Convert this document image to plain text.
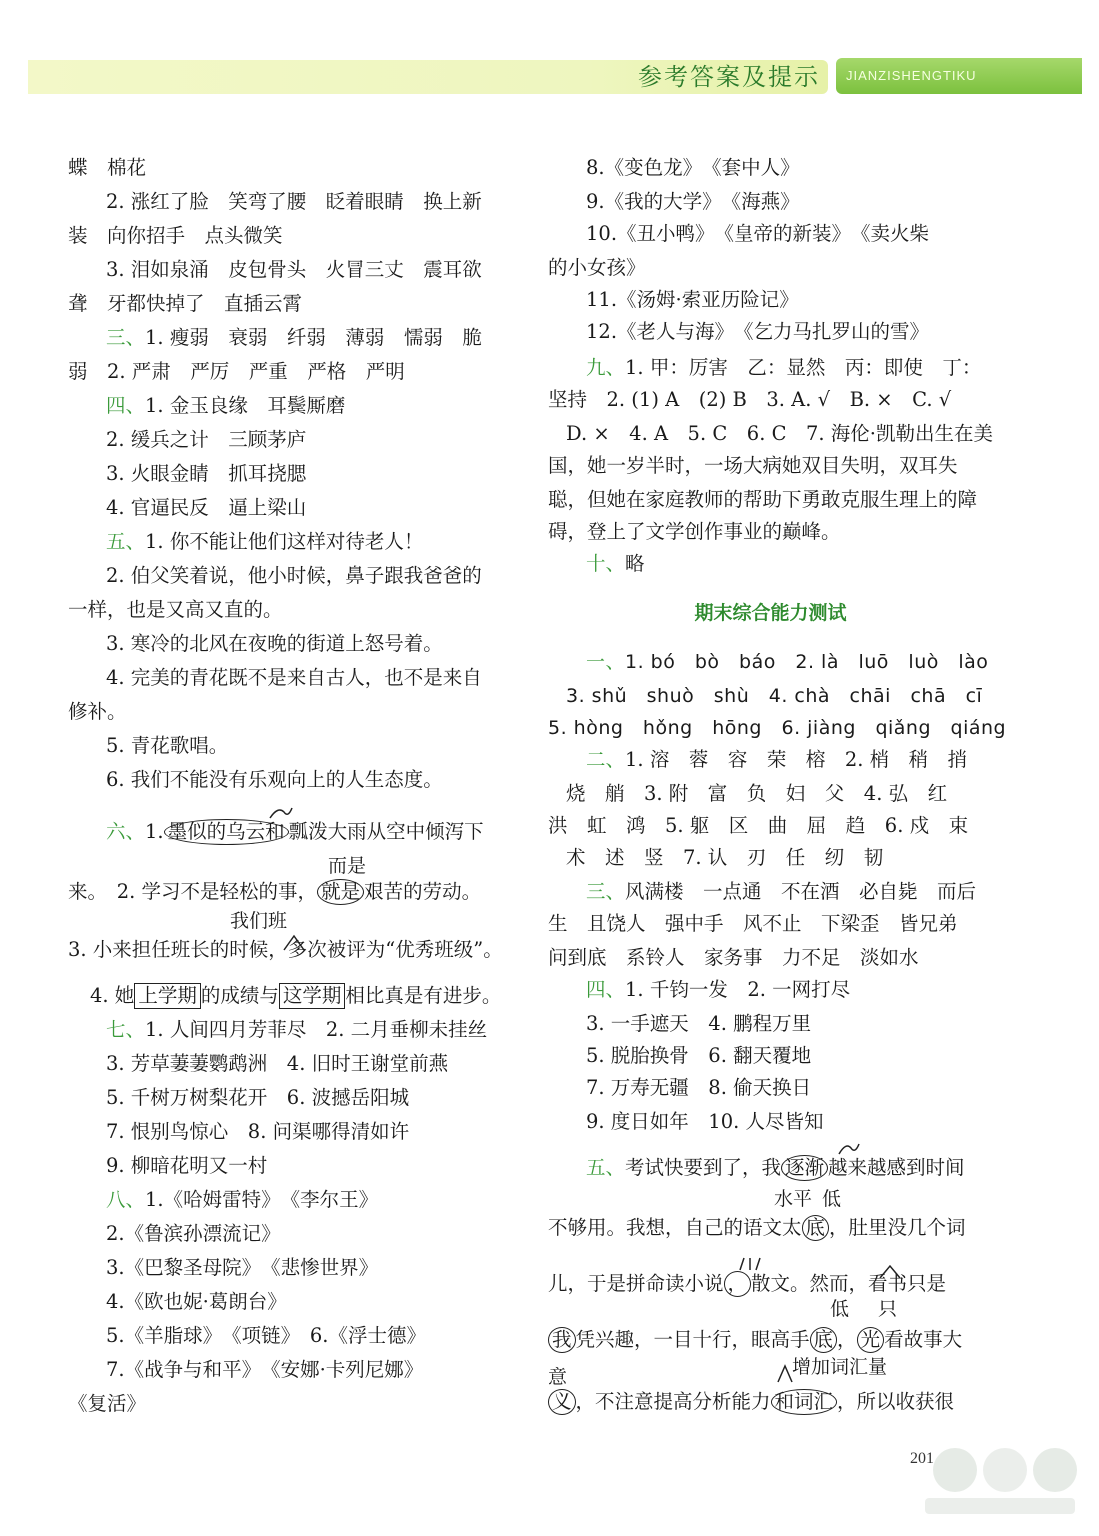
参考答案及提示 JIANZISHENGTIKU
蝶　棉花
2. 涨红了脸　笑弯了腰　眨着眼睛　换上新
装　向你招手　点头微笑
3. 泪如泉涌　皮包骨头　火冒三丈　震耳欲
聋　牙都快掉了　直插云霄
三、1. 瘦弱　衰弱　纤弱　薄弱　懦弱　脆
弱　2. 严肃　严厉　严重　严格　严明
四、1. 金玉良缘　耳鬓厮磨
2. 缓兵之计　三顾茅庐
3. 火眼金睛　抓耳挠腮
4. 官逼民反　逼上梁山
五、1. 你不能让他们这样对待老人！
2. 伯父笑着说，他小时候，鼻子跟我爸爸的
一样，也是又高又直的。
3. 寒冷的北风在夜晚的街道上怒号着。
4. 完美的青花既不是来自古人，也不是来自
修补。
5. 青花歌唱。
6. 我们不能没有乐观向上的人生态度。
六、1. 墨似的乌云和 瓢泼大雨从空中倾泻下
而是
来。　2. 学习不是轻松的事， 就是 艰苦的劳动。
我们班
3. 小来担任班长的时候，多次被评为“优秀班级”。
4. 她 上学期 的成绩与 这学期 相比真是有进步。
七、1. 人间四月芳菲尽　2. 二月垂柳未挂丝
3. 芳草萋萋鹦鹉洲　4. 旧时王谢堂前燕
5. 千树万树梨花开　6. 波撼岳阳城
7. 恨别鸟惊心　8. 问渠哪得清如许
9. 柳暗花明又一村
八、1.《哈姆雷特》　《李尔王》
2.《鲁滨孙漂流记》
3.《巴黎圣母院》　《悲惨世界》
4.《欧也妮·葛朗台》
5.《羊脂球》　《项链》　6.《浮士德》
7.《战争与和平》　《安娜·卡列尼娜》
《复活》
8.《变色龙》　《套中人》
9.《我的大学》　《海燕》
10.《丑小鸭》　《皇帝的新装》　《卖火柴
的小女孩》
11.《汤姆·索亚历险记》
12.《老人与海》　《乞力马扎罗山的雪》
九、1. 甲：厉害　乙：显然　丙：即使　丁：
坚持　2. (1) A　(2) B　3. A. √　B. ×　C. √
D. ×　4. A　5. C　6. C　7. 海伦·凯勒出生在美
国，她一岁半时，一场大病她双目失明，双耳失
聪，但她在家庭教师的帮助下勇敢克服生理上的障
碍，登上了文学创作事业的巅峰。
十、略
期末综合能力测试
一、1. bó　bò　báo　2. là　luō　luò　lào
3. shǔ　shuò　shù　4. chà　chāi　chā　cī
5. hòng　hǒng　hōng　6. jiàng　qiǎng　qiáng
二、1. 溶　蓉　容　荣　榕　2. 梢　稍　捎
烧　艄　3. 附　富　负　妇　父　4. 弘　红
洪　虹　鸿　5. 躯　区　曲　屈　趋　6. 戍　束
术　述　竖　7. 认　刃　任　纫　韧
三、风满楼　一点通　不在酒　必自毙　而后
生　且饶人　强中手　风不止　下梁歪　皆兄弟
问到底　系铃人　家务事　力不足　淡如水
四、1. 千钧一发　2. 一网打尽
3. 一手遮天　4. 鹏程万里
5. 脱胎换骨　6. 翻天覆地
7. 万寿无疆　8. 偷天换日
9. 度日如年　10. 人尽皆知
五、考试快要到了，我 逐渐 越来越感到时间
水平 低
不够用。我想，自己的语文太 底 ，肚里没几个词
儿，于是拼命读小说 ， 散文。然而，看书只是
低 只
我 凭兴趣，一目十行，眼高手 底 ， 光 看故事大
意	增加词汇量
义 ，不注意提高分析能力 和词汇 ，所以收获很
201
